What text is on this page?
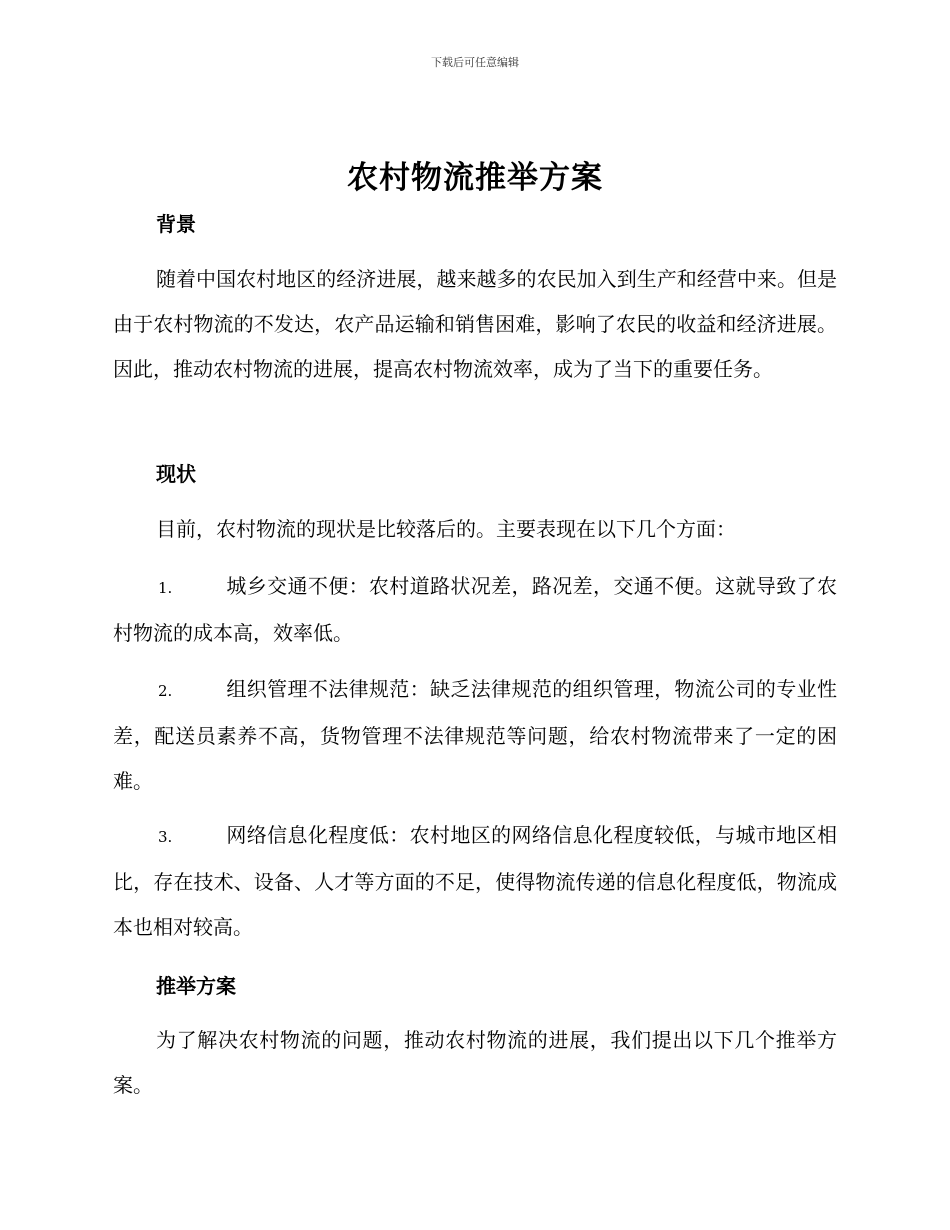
下载后可任意编辑
农村物流推举方案
背景

随着中国农村地区的经济进展，越来越多的农民加入到生产和经营中来。但是由于农村物流的不发达，农产品运输和销售困难，影响了农民的收益和经济进展。因此，推动农村物流的进展，提高农村物流效率，成为了当下的重要任务。

现状

目前，农村物流的现状是比较落后的。主要表现在以下几个方面：

1.	城乡交通不便：农村道路状况差，路况差，交通不便。这就导致了农村物流的成本高，效率低。

2.	组织管理不法律规范：缺乏法律规范的组织管理，物流公司的专业性差，配送员素养不高，货物管理不法律规范等问题，给农村物流带来了一定的困难。

3.	网络信息化程度低：农村地区的网络信息化程度较低，与城市地区相比，存在技术、设备、人才等方面的不足，使得物流传递的信息化程度低，物流成本也相对较高。

推举方案

为了解决农村物流的问题，推动农村物流的进展，我们提出以下几个推举方案。
